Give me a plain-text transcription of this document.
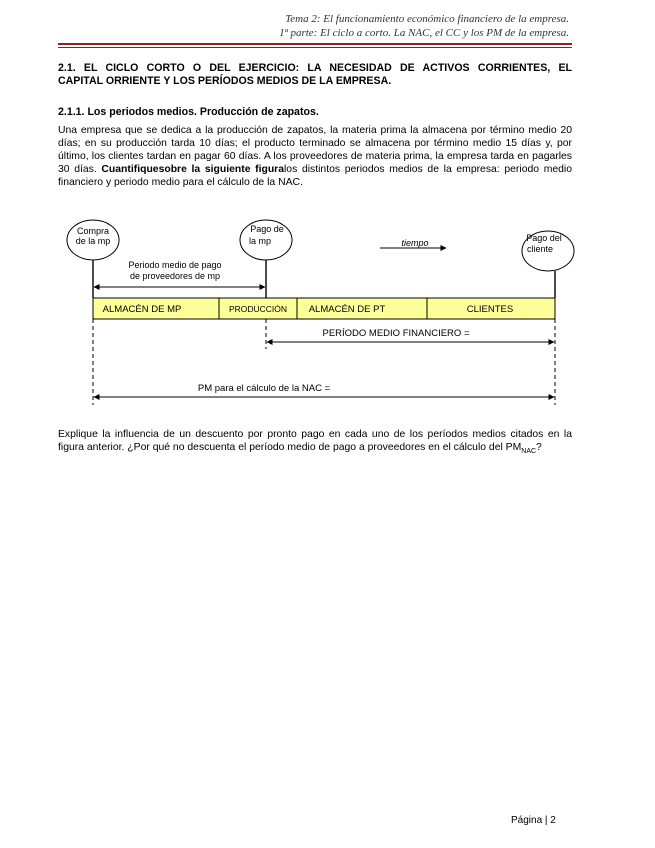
Tema 2: El funcionamiento económico financiero de la empresa.
1ª parte: El ciclo a corto. La NAC, el CC y los PM de la empresa.
2.1. EL CICLO CORTO O DEL EJERCICIO: LA NECESIDAD DE ACTIVOS CORRIENTES, EL
CAPITAL ORRIENTE Y LOS PERÍODOS MEDIOS DE LA EMPRESA.
2.1.1. Los periodos medios. Producción de zapatos.
Una empresa que se dedica a la producción de zapatos, la materia prima la almacena por término medio 20 días; en su producción tarda 10 días; el producto terminado se almacena por término medio 15 días y, por último, los clientes tardan en pagar 60 días. A los proveedores de materia prima, la empresa tarda en pagarles 30 días. Cuantifiquesobre la siguiente figuralos distintos periodos medios de la empresa: periodo medio financiero y periodo medio para el cálculo de la NAC.
Compra
de la mp
Pago de
la mp	Pago del
cliente
tiempo
Periodo medio de pago
de proveedores de mp
ALMACÉN DE MP	PRODUCCIÓN ALMACÉN DE PT	CLIENTES
PERÍODO MEDIO FINANCIERO =
PM para el cálculo de la NAC =
Explique la influencia de un descuento por pronto pago en cada uno de los períodos medios citados en la figura anterior. ¿Por qué no descuenta el período medio de pago a proveedores en el cálculo del $PM_{NAC}$?
Página | 2
